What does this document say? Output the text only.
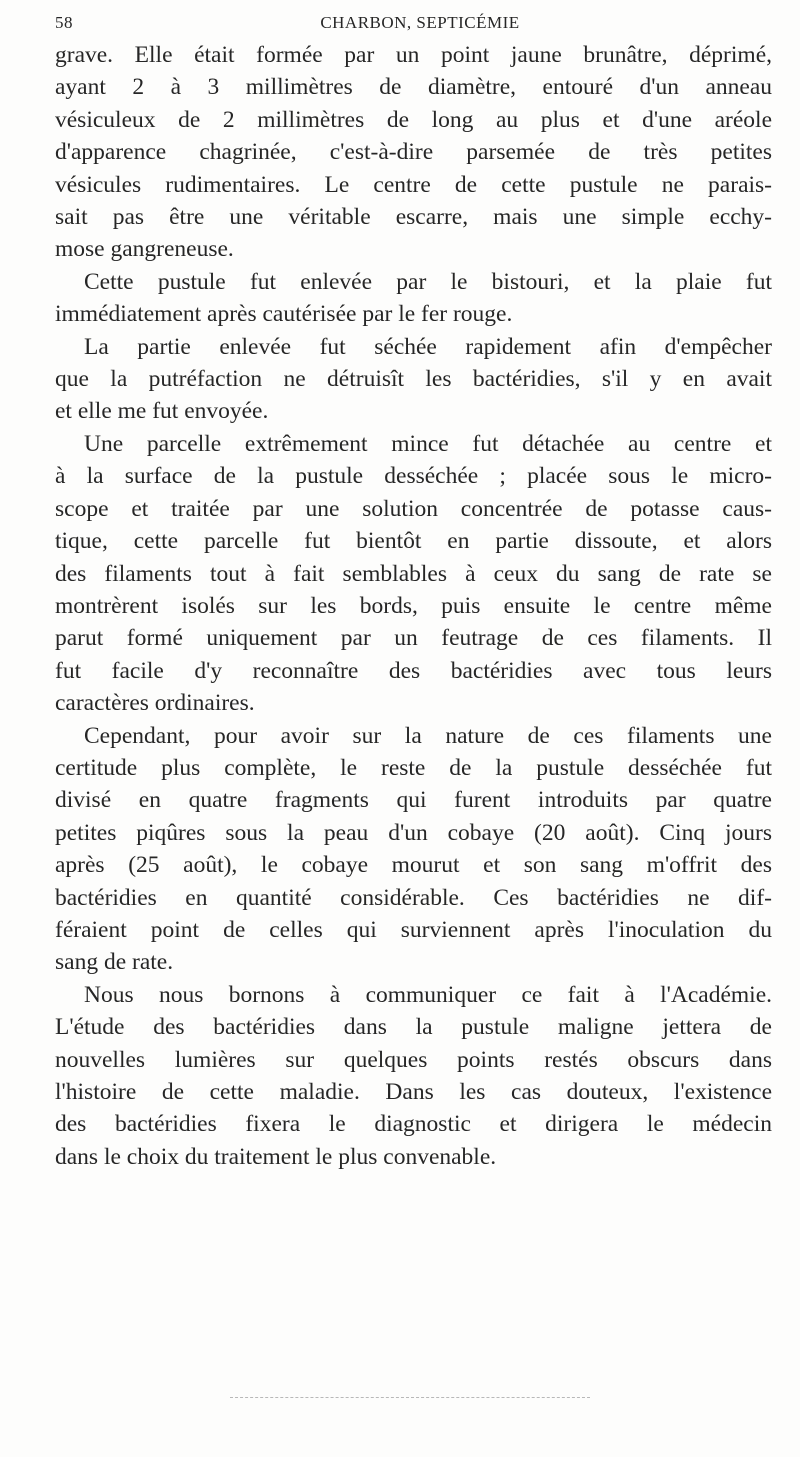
58	CHARBON, SEPTICÉMIE
grave. Elle était formée par un point jaune brunâtre, déprimé,
ayant 2 à 3 millimètres de diamètre, entouré d'un anneau
vésiculeux de 2 millimètres de long au plus et d'une aréole
d'apparence chagrinée, c'est-à-dire parsemée de très petites
vésicules rudimentaires. Le centre de cette pustule ne parais-
sait pas être une véritable escarre, mais une simple ecchy-
mose gangreneuse.
Cette pustule fut enlevée par le bistouri, et la plaie fut
immédiatement après cautérisée par le fer rouge.
La partie enlevée fut séchée rapidement afin d'empêcher
que la putréfaction ne détruisît les bactéridies, s'il y en avait
et elle me fut envoyée.
Une parcelle extrêmement mince fut détachée au centre et
à la surface de la pustule desséchée ; placée sous le micro-
scope et traitée par une solution concentrée de potasse caus-
tique, cette parcelle fut bientôt en partie dissoute, et alors
des filaments tout à fait semblables à ceux du sang de rate se
montrèrent isolés sur les bords, puis ensuite le centre même
parut formé uniquement par un feutrage de ces filaments. Il
fut facile d'y reconnaître des bactéridies avec tous leurs
caractères ordinaires.
Cependant, pour avoir sur la nature de ces filaments une
certitude plus complète, le reste de la pustule desséchée fut
divisé en quatre fragments qui furent introduits par quatre
petites piqûres sous la peau d'un cobaye (20 août). Cinq jours
après (25 août), le cobaye mourut et son sang m'offrit des
bactéridies en quantité considérable. Ces bactéridies ne dif-
féraient point de celles qui surviennent après l'inoculation du
sang de rate.
Nous nous bornons à communiquer ce fait à l'Académie.
L'étude des bactéridies dans la pustule maligne jettera de
nouvelles lumières sur quelques points restés obscurs dans
l'histoire de cette maladie. Dans les cas douteux, l'existence
des bactéridies fixera le diagnostic et dirigera le médecin
dans le choix du traitement le plus convenable.
